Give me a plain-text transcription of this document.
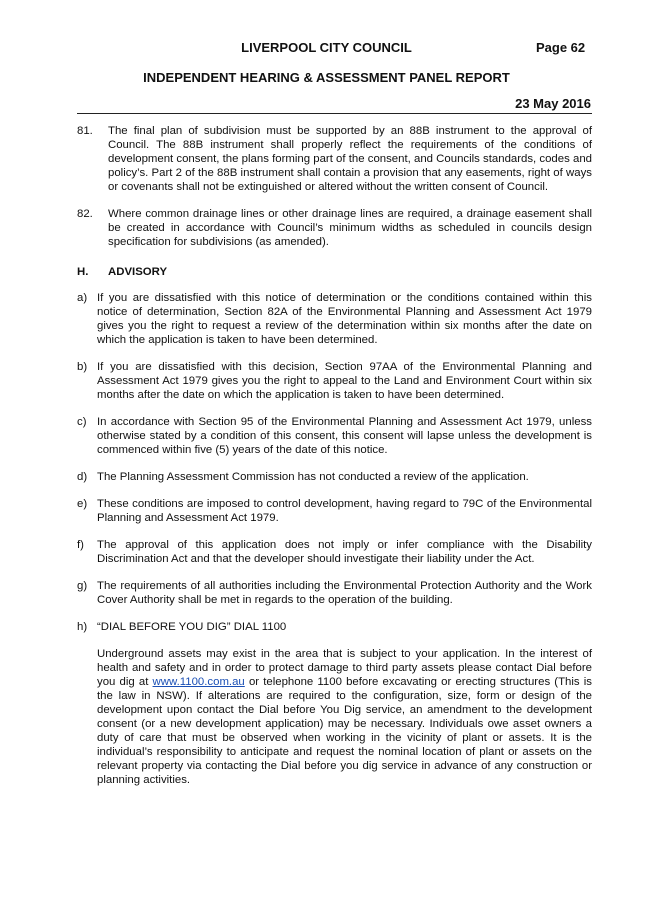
LIVERPOOL CITY COUNCIL	Page 62
INDEPENDENT HEARING & ASSESSMENT PANEL REPORT
23 May 2016
81.	The final plan of subdivision must be supported by an 88B instrument to the approval of Council. The 88B instrument shall properly reflect the requirements of the conditions of development consent, the plans forming part of the consent, and Councils standards, codes and policy’s. Part 2 of the 88B instrument shall contain a provision that any easements, right of ways or covenants shall not be extinguished or altered without the written consent of Council.
82.	Where common drainage lines or other drainage lines are required, a drainage easement shall be created in accordance with Council’s minimum widths as scheduled in councils design specification for subdivisions (as amended).
H.	ADVISORY
a) If you are dissatisfied with this notice of determination or the conditions contained within this notice of determination, Section 82A of the Environmental Planning and Assessment Act 1979 gives you the right to request a review of the determination within six months after the date on which the application is taken to have been determined.
b) If you are dissatisfied with this decision, Section 97AA of the Environmental Planning and Assessment Act 1979 gives you the right to appeal to the Land and Environment Court within six months after the date on which the application is taken to have been determined.
c) In accordance with Section 95 of the Environmental Planning and Assessment Act 1979, unless otherwise stated by a condition of this consent, this consent will lapse unless the development is commenced within five (5) years of the date of this notice.
d) The Planning Assessment Commission has not conducted a review of the application.
e) These conditions are imposed to control development, having regard to 79C of the Environmental Planning and Assessment Act 1979.
f)	The approval of this application does not imply or infer compliance with the Disability Discrimination Act and that the developer should investigate their liability under the Act.
g) The requirements of all authorities including the Environmental Protection Authority and the Work Cover Authority shall be met in regards to the operation of the building.
h) “DIAL BEFORE YOU DIG” DIAL 1100
Underground assets may exist in the area that is subject to your application. In the interest of health and safety and in order to protect damage to third party assets please contact Dial before you dig at www.1100.com.au or telephone 1100 before excavating or erecting structures (This is the law in NSW). If alterations are required to the configuration, size, form or design of the development upon contact the Dial before You Dig service, an amendment to the development consent (or a new development application) may be necessary. Individuals owe asset owners a duty of care that must be observed when working in the vicinity of plant or assets. It is the individual’s responsibility to anticipate and request the nominal location of plant or assets on the relevant property via contacting the Dial before you dig service in advance of any construction or planning activities.
